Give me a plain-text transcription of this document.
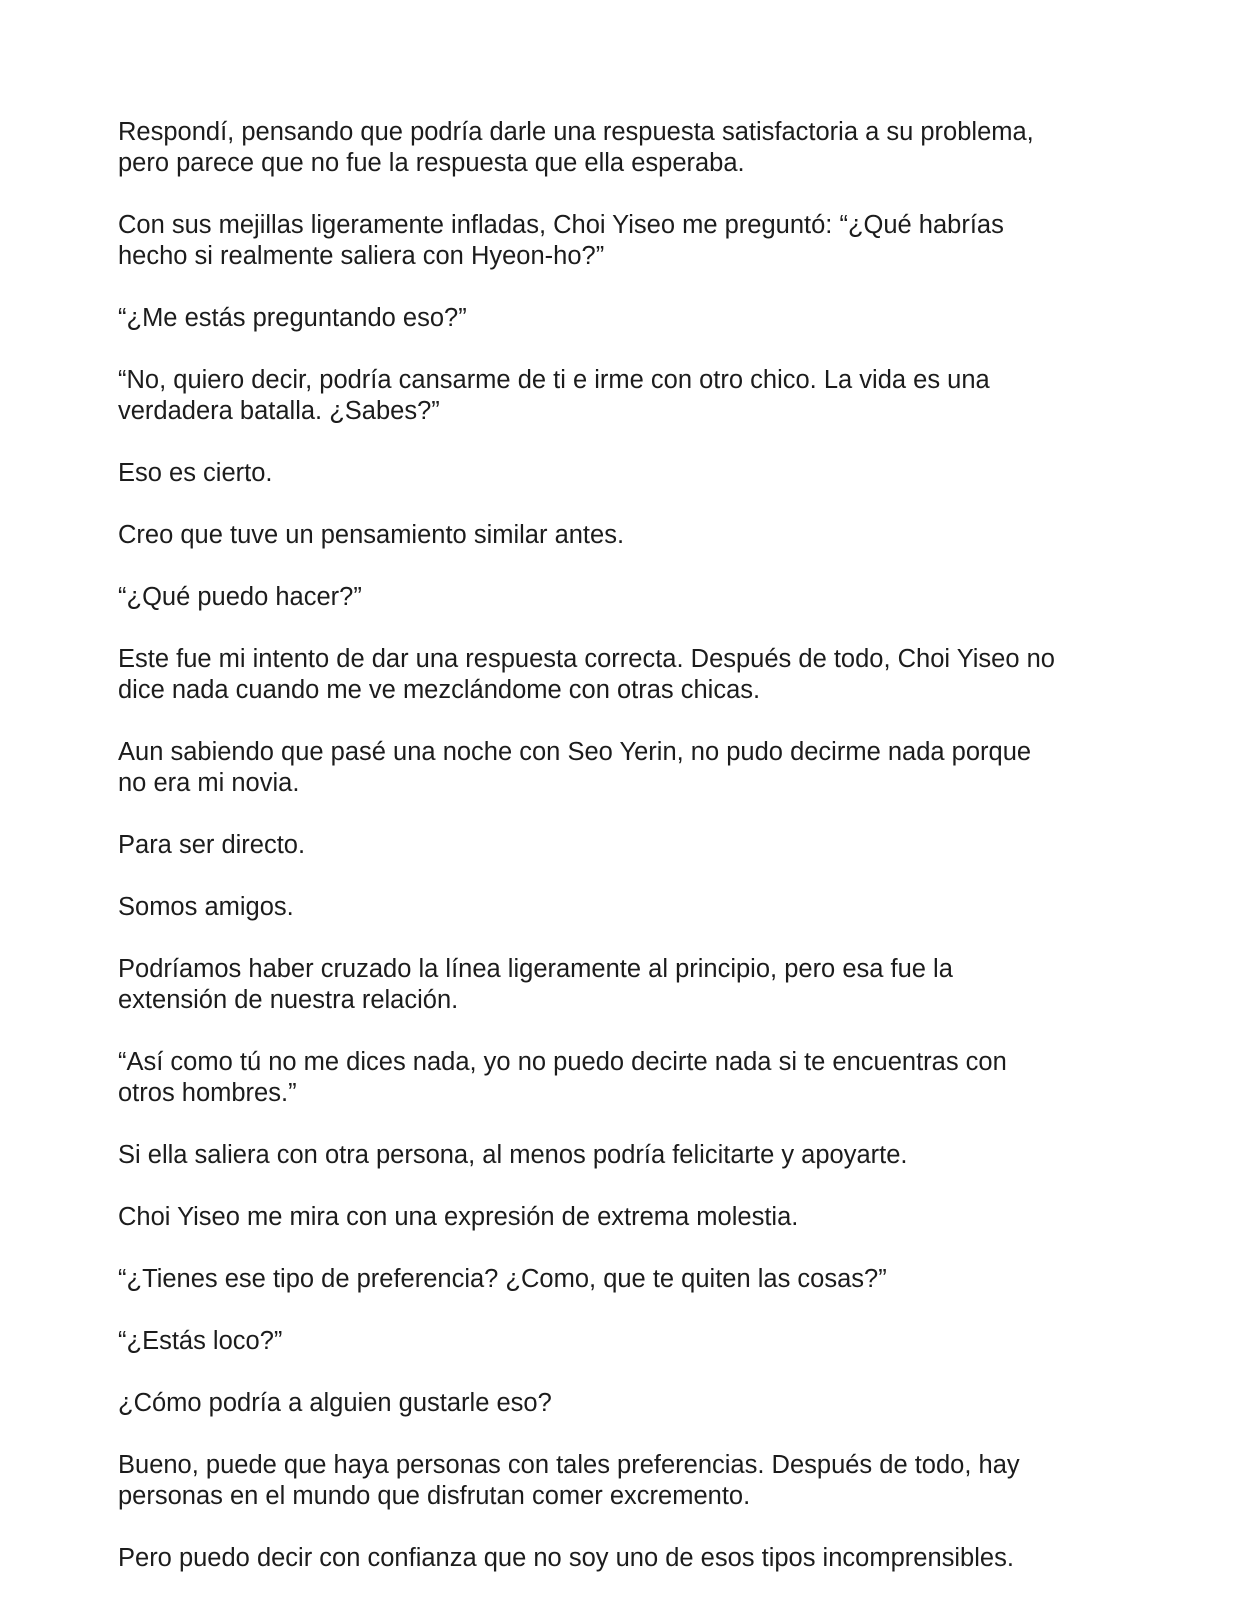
Respondí, pensando que podría darle una respuesta satisfactoria a su problema,
pero parece que no fue la respuesta que ella esperaba.

Con sus mejillas ligeramente infladas, Choi Yiseo me preguntó: “¿Qué habrías
hecho si realmente saliera con Hyeon-ho?”

“¿Me estás preguntando eso?”

“No, quiero decir, podría cansarme de ti e irme con otro chico. La vida es una
verdadera batalla. ¿Sabes?”

Eso es cierto.

Creo que tuve un pensamiento similar antes.

“¿Qué puedo hacer?”

Este fue mi intento de dar una respuesta correcta. Después de todo, Choi Yiseo no
dice nada cuando me ve mezclándome con otras chicas.

Aun sabiendo que pasé una noche con Seo Yerin, no pudo decirme nada porque
no era mi novia.

Para ser directo.

Somos amigos.

Podríamos haber cruzado la línea ligeramente al principio, pero esa fue la
extensión de nuestra relación.

“Así como tú no me dices nada, yo no puedo decirte nada si te encuentras con
otros hombres.”

Si ella saliera con otra persona, al menos podría felicitarte y apoyarte.

Choi Yiseo me mira con una expresión de extrema molestia.

“¿Tienes ese tipo de preferencia? ¿Como, que te quiten las cosas?”

“¿Estás loco?”

¿Cómo podría a alguien gustarle eso?

Bueno, puede que haya personas con tales preferencias. Después de todo, hay
personas en el mundo que disfrutan comer excremento.

Pero puedo decir con confianza que no soy uno de esos tipos incomprensibles.
